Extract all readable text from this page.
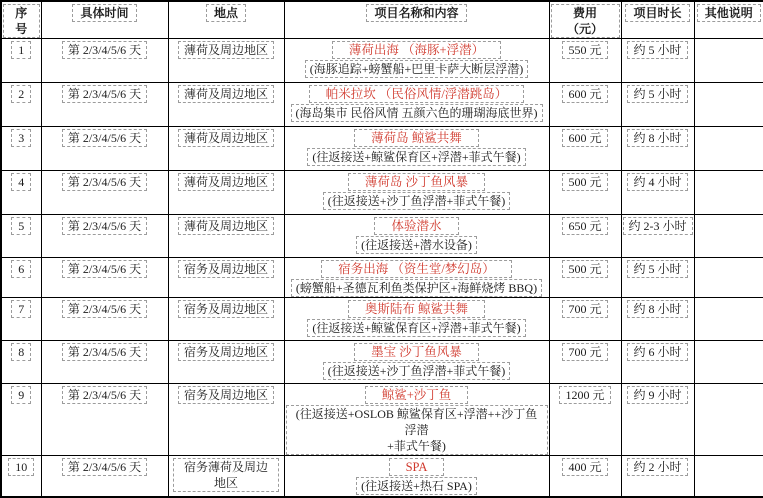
序号	具体时间	地点	项目名称和内容	费用（元）	项目时长	其他说明
1	第 2/3/4/5/6 天	薄荷及周边地区	薄荷出海 （海豚+浮潜）
(海豚追踪+螃蟹船+巴里卡萨大断层浮潜)	550 元	约 5 小时	
2	第 2/3/4/5/6 天	薄荷及周边地区	帕米拉坎 （民俗风情/浮潜跳岛）
(海岛集市 民俗风情 五颜六色的珊瑚海底世界)	600 元	约 5 小时	
3	第 2/3/4/5/6 天	薄荷及周边地区	薄荷岛 鲸鲨共舞
(往返接送+鲸鲨保育区+浮潜+菲式午餐)	600 元	约 8 小时	
4	第 2/3/4/5/6 天	薄荷及周边地区	薄荷岛 沙丁鱼风暴
(往返接送+沙丁鱼浮潜+菲式午餐)	500 元	约 4 小时	
5	第 2/3/4/5/6 天	薄荷及周边地区	体验潜水
(往返接送+潜水设备)	650 元	约 2-3 小时	
6	第 2/3/4/5/6 天	宿务及周边地区	宿务出海 （资生堂/梦幻岛）
(螃蟹船+圣德瓦利鱼类保护区+海鲜烧烤 BBQ)	500 元	约 5 小时	
7	第 2/3/4/5/6 天	宿务及周边地区	奥斯陆布 鲸鲨共舞
(往返接送+鲸鲨保育区+浮潜+菲式午餐)	700 元	约 8 小时	
8	第 2/3/4/5/6 天	宿务及周边地区	墨宝 沙丁鱼风暴
(往返接送+沙丁鱼浮潜+菲式午餐)	700 元	约 6 小时	
9	第 2/3/4/5/6 天	宿务及周边地区	鲸鲨+沙丁鱼
(往返接送+OSLOB 鲸鲨保育区+浮潜++沙丁鱼浮潜
+菲式午餐)	1200 元	约 9 小时	
10	第 2/3/4/5/6 天	宿务薄荷及周边地区	SPA
(往返接送+热石 SPA)	400 元	约 2 小时	
